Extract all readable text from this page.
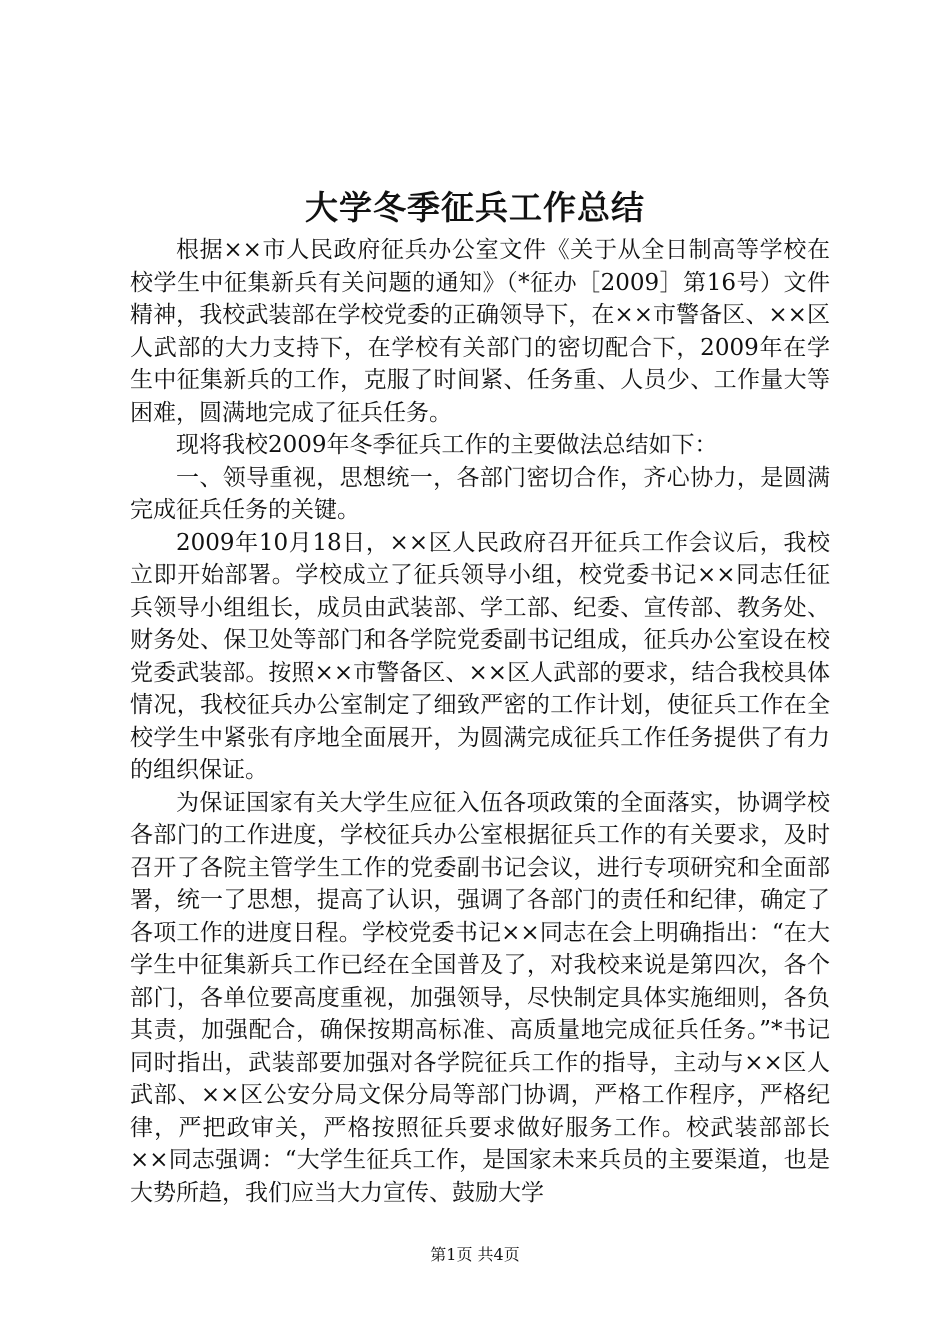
大学冬季征兵工作总结

根据××市人民政府征兵办公室文件《关于从全日制高等学校在校学生中征集新兵有关问题的通知》（*征办［2009］第16号）文件精神，我校武装部在学校党委的正确领导下，在××市警备区、××区人武部的大力支持下，在学校有关部门的密切配合下，2009年在学生中征集新兵的工作，克服了时间紧、任务重、人员少、工作量大等困难，圆满地完成了征兵任务。

现将我校2009年冬季征兵工作的主要做法总结如下：

一、领导重视，思想统一，各部门密切合作，齐心协力，是圆满完成征兵任务的关键。

2009年10月18日，××区人民政府召开征兵工作会议后，我校立即开始部署。学校成立了征兵领导小组，校党委书记××同志任征兵领导小组组长，成员由武装部、学工部、纪委、宣传部、教务处、财务处、保卫处等部门和各学院党委副书记组成，征兵办公室设在校党委武装部。按照××市警备区、××区人武部的要求，结合我校具体情况，我校征兵办公室制定了细致严密的工作计划，使征兵工作在全校学生中紧张有序地全面展开，为圆满完成征兵工作任务提供了有力的组织保证。

为保证国家有关大学生应征入伍各项政策的全面落实，协调学校各部门的工作进度，学校征兵办公室根据征兵工作的有关要求，及时召开了各院主管学生工作的党委副书记会议，进行专项研究和全面部署，统一了思想，提高了认识，强调了各部门的责任和纪律，确定了各项工作的进度日程。学校党委书记××同志在会上明确指出：“在大学生中征集新兵工作已经在全国普及了，对我校来说是第四次，各个部门，各单位要高度重视，加强领导，尽快制定具体实施细则，各负其责，加强配合，确保按期高标准、高质量地完成征兵任务。”*书记同时指出，武装部要加强对各学院征兵工作的指导，主动与××区人武部、××区公安分局文保分局等部门协调，严格工作程序，严格纪律，严把政审关，严格按照征兵要求做好服务工作。校武装部部长××同志强调：“大学生征兵工作，是国家未来兵员的主要渠道，也是大势所趋，我们应当大力宣传、鼓励大学

第1页 共4页
